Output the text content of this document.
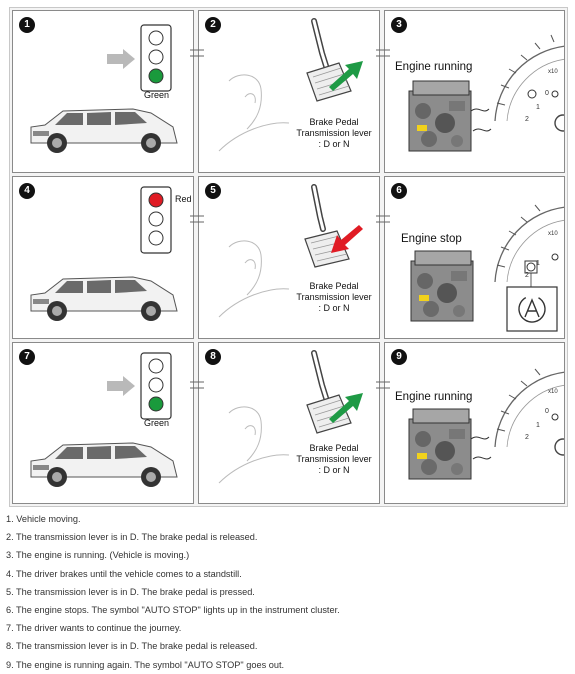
1
Green
2
Brake Pedal
Transmission lever
: D or N
3
2
1
0
x10
Engine running
4
Red
5
Brake Pedal
Transmission lever
: D or N
6
2
1
x10
Engine stop
7
Green
8
Brake Pedal
Transmission lever
: D or N
9
2
1
0
x10
Engine running
1. Vehicle moving.
2. The transmission lever is in D. The brake pedal is released.
3. The engine is running. (Vehicle is moving.)
4. The driver brakes until the vehicle comes to a standstill.
5. The transmission lever is in D. The brake pedal is pressed.
6. The engine stops. The symbol "AUTO STOP" lights up in the instrument cluster.
7. The driver wants to continue the journey.
8. The transmission lever is in D. The brake pedal is released.
9. The engine is running again. The symbol "AUTO STOP" goes out.
